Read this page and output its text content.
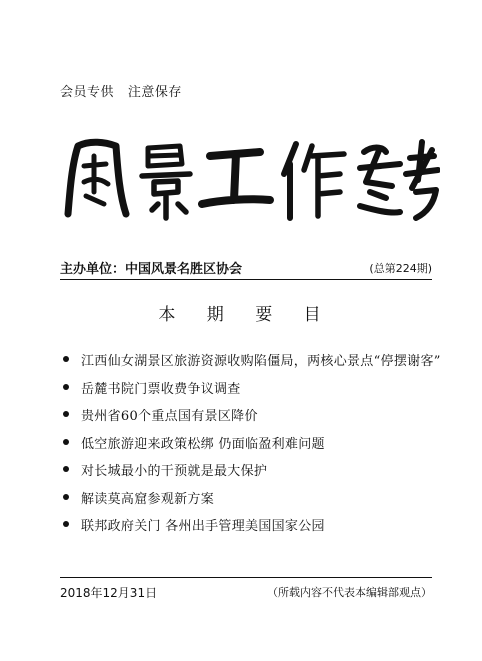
会员专供   注意保存
主办单位：中国风景名胜区协会	(总第224期)
本 期 要 目
江西仙女湖景区旅游资源收购陷僵局，两核心景点“停摆谢客”
岳麓书院门票收费争议调查
贵州省60个重点国有景区降价
低空旅游迎来政策松绑 仍面临盈利难问题
对长城最小的干预就是最大保护
解读莫高窟参观新方案
联邦政府关门 各州出手管理美国国家公园
2018年12月31日	（所载内容不代表本编辑部观点）
